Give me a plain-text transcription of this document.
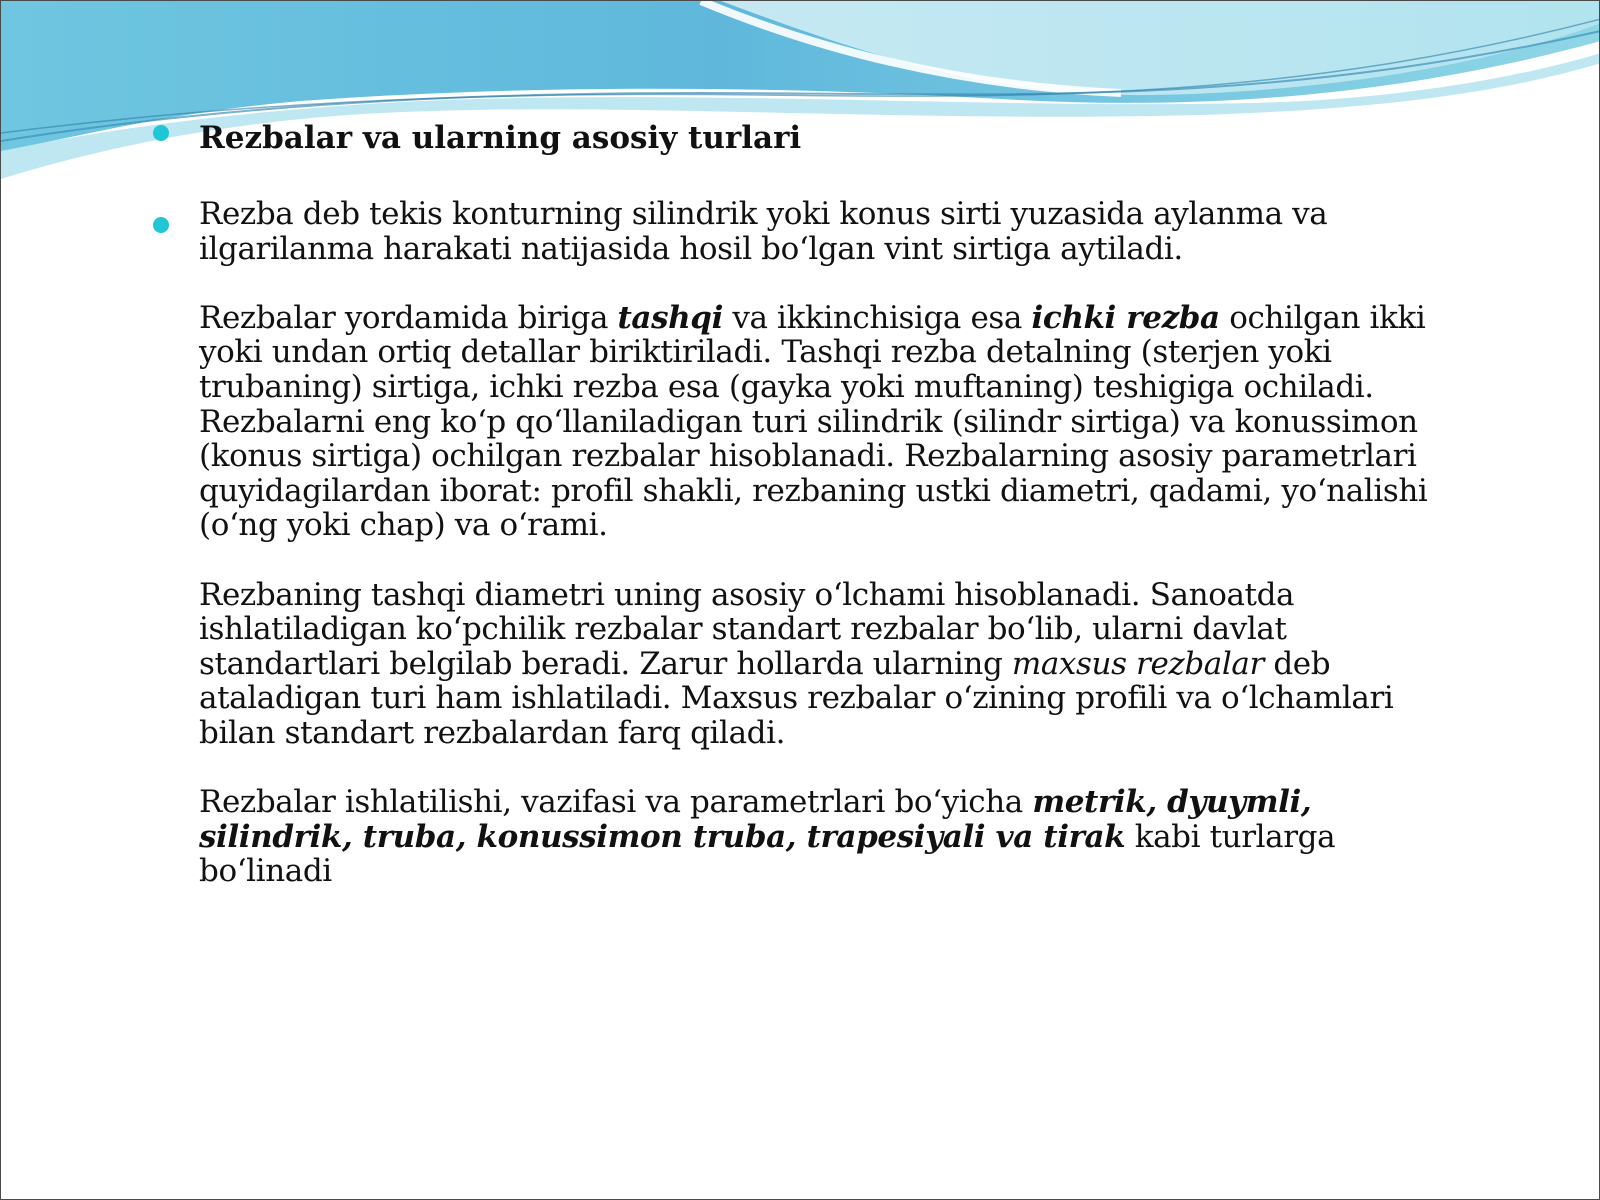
Rezbalar va ularning asosiy turlari

Rezba deb tekis konturning silindrik yoki konus sirti yuzasida aylanma va ilgarilanma harakati natijasida hosil bo‘lgan vint sirtiga aytiladi.

Rezbalar yordamida biriga tashqi va ikkinchisiga esa ichki rezba ochilgan ikki yoki undan ortiq detallar biriktiriladi. Tashqi rezba detalning (sterjen yoki trubaning) sirtiga, ichki rezba esa (gayka yoki muftaning) teshigiga ochiladi. Rezbalarni eng ko‘p qo‘llaniladigan turi silindrik (silindr sirtiga) va konussimon (konus sirtiga) ochilgan rezbalar hisoblanadi. Rezbalarning asosiy parametrlari quyidagilardan iborat: profil shakli, rezbaning ustki diametri, qadami, yo‘nalishi (o‘ng yoki chap) va o‘rami.

Rezbaning tashqi diametri uning asosiy o‘lchami hisoblanadi. Sanoatda ishlatiladigan ko‘pchilik rezbalar standart rezbalar bo‘lib, ularni davlat standartlari belgilab beradi. Zarur hollarda ularning maxsus rezbalar deb ataladigan turi ham ishlatiladi. Maxsus rezbalar o‘zining profili va o‘lchamlari bilan standart rezbalardan farq qiladi.

Rezbalar ishlatilishi, vazifasi va parametrlari bo‘yicha metrik, dyuymli, silindrik, truba, konussimon truba, trapesiyali va tirak kabi turlarga bo‘linadi
